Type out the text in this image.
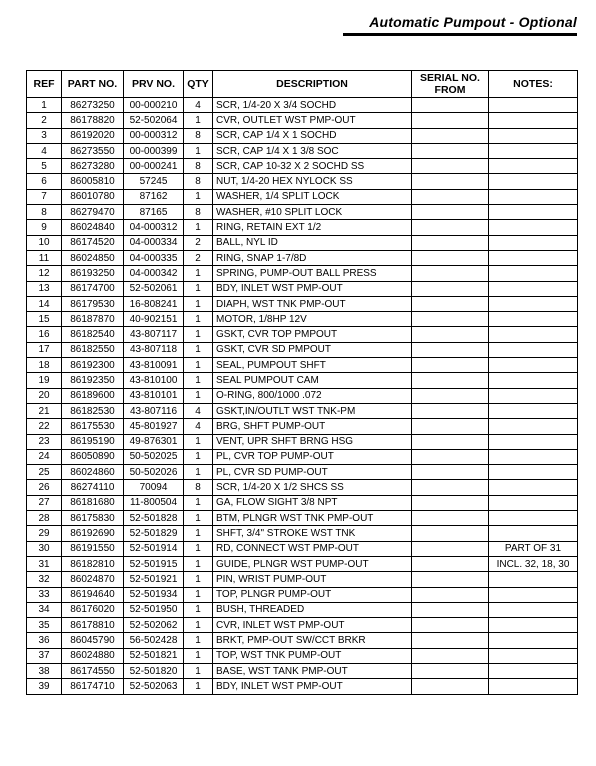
Automatic Pumpout - Optional
REF	PART NO.	PRV NO.	QTY	DESCRIPTION	SERIAL NO. FROM	NOTES:
1	86273250	00-000210	4	SCR, 1/4-20 X 3/4 SOCHD		
2	86178820	52-502064	1	CVR, OUTLET WST PMP-OUT		
3	86192020	00-000312	8	SCR, CAP 1/4 X 1 SOCHD		
4	86273550	00-000399	1	SCR, CAP 1/4 X 1 3/8 SOC		
5	86273280	00-000241	8	SCR, CAP 10-32 X 2 SOCHD SS		
6	86005810	57245	8	NUT, 1/4-20 HEX NYLOCK SS		
7	86010780	87162	1	WASHER, 1/4 SPLIT LOCK		
8	86279470	87165	8	WASHER, #10 SPLIT LOCK		
9	86024840	04-000312	1	RING, RETAIN EXT 1/2		
10	86174520	04-000334	2	BALL, NYL ID		
11	86024850	04-000335	2	RING, SNAP 1-7/8D		
12	86193250	04-000342	1	SPRING, PUMP-OUT BALL PRESS		
13	86174700	52-502061	1	BDY, INLET WST PMP-OUT		
14	86179530	16-808241	1	DIAPH, WST TNK PMP-OUT		
15	86187870	40-902151	1	MOTOR, 1/8HP 12V		
16	86182540	43-807117	1	GSKT, CVR TOP PMPOUT		
17	86182550	43-807118	1	GSKT, CVR SD PMPOUT		
18	86192300	43-810091	1	SEAL, PUMPOUT SHFT		
19	86192350	43-810100	1	SEAL PUMPOUT CAM		
20	86189600	43-810101	1	O-RING, 800/1000 .072		
21	86182530	43-807116	4	GSKT,IN/OUTLT WST TNK-PM		
22	86175530	45-801927	4	BRG, SHFT PUMP-OUT		
23	86195190	49-876301	1	VENT, UPR SHFT BRNG HSG		
24	86050890	50-502025	1	PL, CVR TOP PUMP-OUT		
25	86024860	50-502026	1	PL, CVR SD PUMP-OUT		
26	86274110	70094	8	SCR, 1/4-20 X 1/2 SHCS SS		
27	86181680	11-800504	1	GA, FLOW SIGHT 3/8 NPT		
28	86175830	52-501828	1	BTM, PLNGR WST TNK PMP-OUT		
29	86192690	52-501829	1	SHFT, 3/4" STROKE WST TNK		
30	86191550	52-501914	1	RD, CONNECT WST PMP-OUT		PART OF 31
31	86182810	52-501915	1	GUIDE, PLNGR WST PUMP-OUT		INCL. 32, 18, 30
32	86024870	52-501921	1	PIN, WRIST PUMP-OUT		
33	86194640	52-501934	1	TOP, PLNGR PUMP-OUT		
34	86176020	52-501950	1	BUSH, THREADED		
35	86178810	52-502062	1	CVR, INLET WST PMP-OUT		
36	86045790	56-502428	1	BRKT, PMP-OUT SW/CCT BRKR		
37	86024880	52-501821	1	TOP, WST TNK PUMP-OUT		
38	86174550	52-501820	1	BASE, WST TANK PMP-OUT		
39	86174710	52-502063	1	BDY, INLET WST PMP-OUT		
